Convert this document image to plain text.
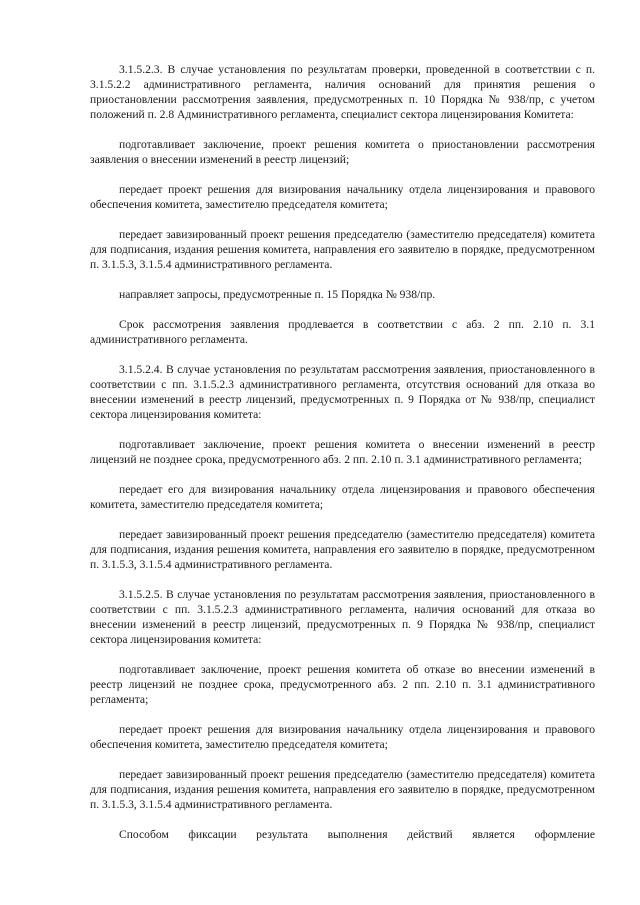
3.1.5.2.3. В случае установления по результатам проверки, проведенной в соответствии с п. 3.1.5.2.2 административного регламента, наличия оснований для принятия решения о приостановлении рассмотрения заявления, предусмотренных п. 10 Порядка № 938/пр, с учетом положений п. 2.8 Административного регламента, специалист сектора лицензирования Комитета:

подготавливает заключение, проект решения комитета о приостановлении рассмотрения заявления о внесении изменений в реестр лицензий;

передает проект решения для визирования начальнику отдела лицензирования и правового обеспечения комитета, заместителю председателя комитета;

передает завизированный проект решения председателю (заместителю председателя) комитета для подписания, издания решения комитета, направления его заявителю в порядке, предусмотренном п. 3.1.5.3, 3.1.5.4 административного регламента.

направляет запросы, предусмотренные п. 15 Порядка № 938/пр.

Срок рассмотрения заявления продлевается в соответствии с абз. 2 пп. 2.10 п. 3.1 административного регламента.

3.1.5.2.4. В случае установления по результатам рассмотрения заявления, приостановленного в соответствии с пп. 3.1.5.2.3 административного регламента, отсутствия оснований для отказа во внесении изменений в реестр лицензий, предусмотренных п. 9 Порядка от № 938/пр, специалист сектора лицензирования комитета:

подготавливает заключение, проект решения комитета о внесении изменений в реестр лицензий не позднее срока, предусмотренного абз. 2 пп. 2.10 п. 3.1 административного регламента;

передает его для визирования начальнику отдела лицензирования и правового обеспечения комитета, заместителю председателя комитета;

передает завизированный проект решения председателю (заместителю председателя) комитета для подписания, издания решения комитета, направления его заявителю в порядке, предусмотренном п. 3.1.5.3, 3.1.5.4 административного регламента.

3.1.5.2.5. В случае установления по результатам рассмотрения заявления, приостановленного в соответствии с пп. 3.1.5.2.3 административного регламента, наличия оснований для отказа во внесении изменений в реестр лицензий, предусмотренных п. 9 Порядка № 938/пр, специалист сектора лицензирования комитета:

подготавливает заключение, проект решения комитета об отказе во внесении изменений в реестр лицензий не позднее срока, предусмотренного абз. 2 пп. 2.10 п. 3.1 административного регламента;

передает проект решения для визирования начальнику отдела лицензирования и правового обеспечения комитета, заместителю председателя комитета;

передает завизированный проект решения председателю (заместителю председателя) комитета для подписания, издания решения комитета, направления его заявителю в порядке, предусмотренном п. 3.1.5.3, 3.1.5.4 административного регламента.

Способом фиксации результата выполнения действий является оформление
